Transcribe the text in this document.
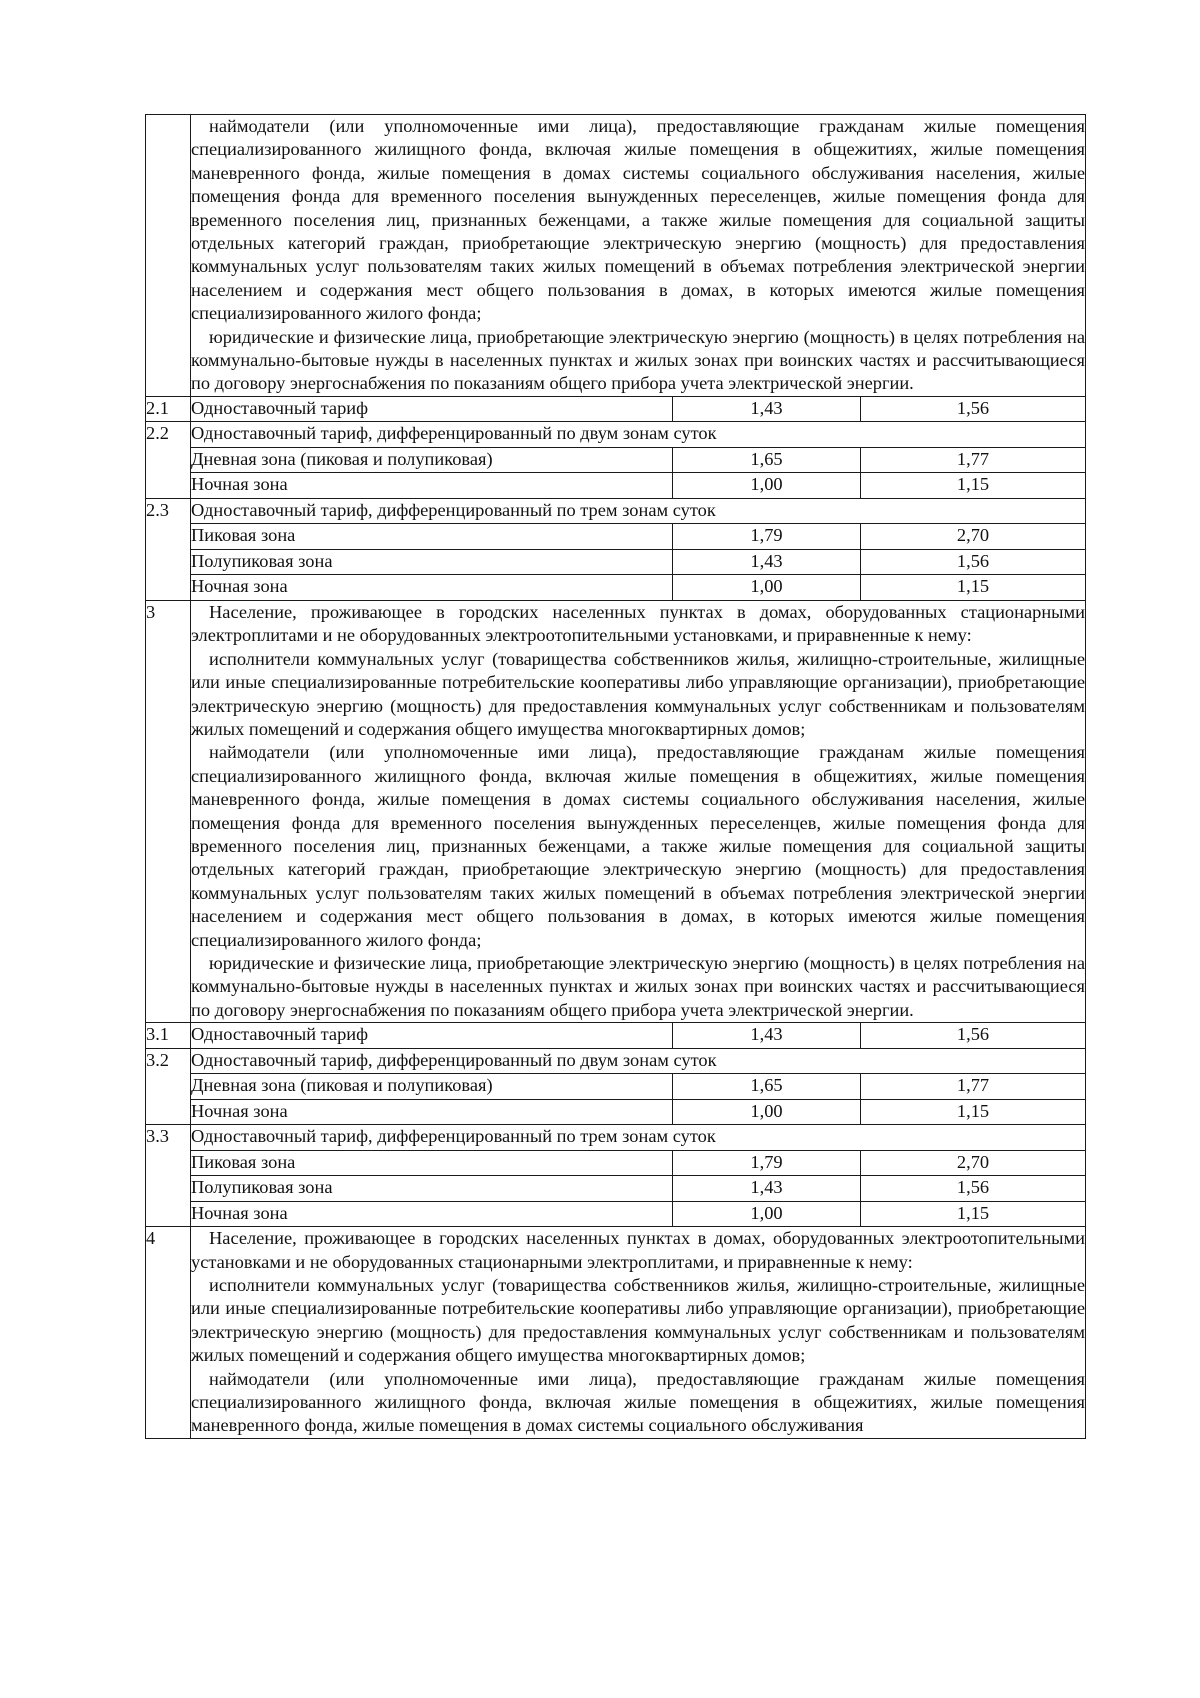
	наймодатели (или уполномоченные ими лица), предоставляющие гражданам жилые помещения специализированного жилищного фонда, включая жилые помещения в общежитиях, жилые помещения маневренного фонда, жилые помещения в домах системы социального обслуживания населения, жилые помещения фонда для временного поселения вынужденных переселенцев, жилые помещения фонда для временного поселения лиц, признанных беженцами, а также жилые помещения для социальной защиты отдельных категорий граждан, приобретающие электрическую энергию (мощность) для предоставления коммунальных услуг пользователям таких жилых помещений в объемах потребления электрической энергии населением и содержания мест общего пользования в домах, в которых имеются жилые помещения специализированного жилого фонда;

юридические и физические лица, приобретающие электрическую энергию (мощность) в целях потребления на коммунально-бытовые нужды в населенных пунктах и жилых зонах при воинских частях и рассчитывающиеся по договору энергоснабжения по показаниям общего прибора учета электрической энергии.		

2.1	Одноставочный тариф	1,43	1,56
2.2	Одноставочный тариф, дифференцированный по двум зонам суток		
	Дневная зона (пиковая и полупиковая)	1,65	1,77
	Ночная зона	1,00	1,15
2.3	Одноставочный тариф, дифференцированный по трем зонам суток		
	Пиковая зона	1,79	2,70
	Полупиковая зона	1,43	1,56
	Ночная зона	1,00	1,15
3	Население, проживающее в городских населенных пунктах в домах, оборудованных стационарными электроплитами и не оборудованных электроотопительными установками, и приравненные к нему:

исполнители коммунальных услуг (товарищества собственников жилья, жилищно-строительные, жилищные или иные специализированные потребительские кооперативы либо управляющие организации), приобретающие электрическую энергию (мощность) для предоставления коммунальных услуг собственникам и пользователям жилых помещений и содержания общего имущества многоквартирных домов;

наймодатели (или уполномоченные ими лица), предоставляющие гражданам жилые помещения специализированного жилищного фонда, включая жилые помещения в общежитиях, жилые помещения маневренного фонда, жилые помещения в домах системы социального обслуживания населения, жилые помещения фонда для временного поселения вынужденных переселенцев, жилые помещения фонда для временного поселения лиц, признанных беженцами, а также жилые помещения для социальной защиты отдельных категорий граждан, приобретающие электрическую энергию (мощность) для предоставления коммунальных услуг пользователям таких жилых помещений в объемах потребления электрической энергии населением и содержания мест общего пользования в домах, в которых имеются жилые помещения специализированного жилого фонда;

юридические и физические лица, приобретающие электрическую энергию (мощность) в целях потребления на коммунально-бытовые нужды в населенных пунктах и жилых зонах при воинских частях и рассчитывающиеся по договору энергоснабжения по показаниям общего прибора учета электрической энергии.		

3.1	Одноставочный тариф	1,43	1,56
3.2	Одноставочный тариф, дифференцированный по двум зонам суток		
	Дневная зона (пиковая и полупиковая)	1,65	1,77
	Ночная зона	1,00	1,15
3.3	Одноставочный тариф, дифференцированный по трем зонам суток		
	Пиковая зона	1,79	2,70
	Полупиковая зона	1,43	1,56
	Ночная зона	1,00	1,15
4	Население, проживающее в городских населенных пунктах в домах, оборудованных электроотопительными установками и не оборудованных стационарными электроплитами, и приравненные к нему:

исполнители коммунальных услуг (товарищества собственников жилья, жилищно-строительные, жилищные или иные специализированные потребительские кооперативы либо управляющие организации), приобретающие электрическую энергию (мощность) для предоставления коммунальных услуг собственникам и пользователям жилых помещений и содержания общего имущества многоквартирных домов;

наймодатели (или уполномоченные ими лица), предоставляющие гражданам жилые помещения специализированного жилищного фонда, включая жилые помещения в общежитиях, жилые помещения маневренного фонда, жилые помещения в домах системы социального обслуживания		
